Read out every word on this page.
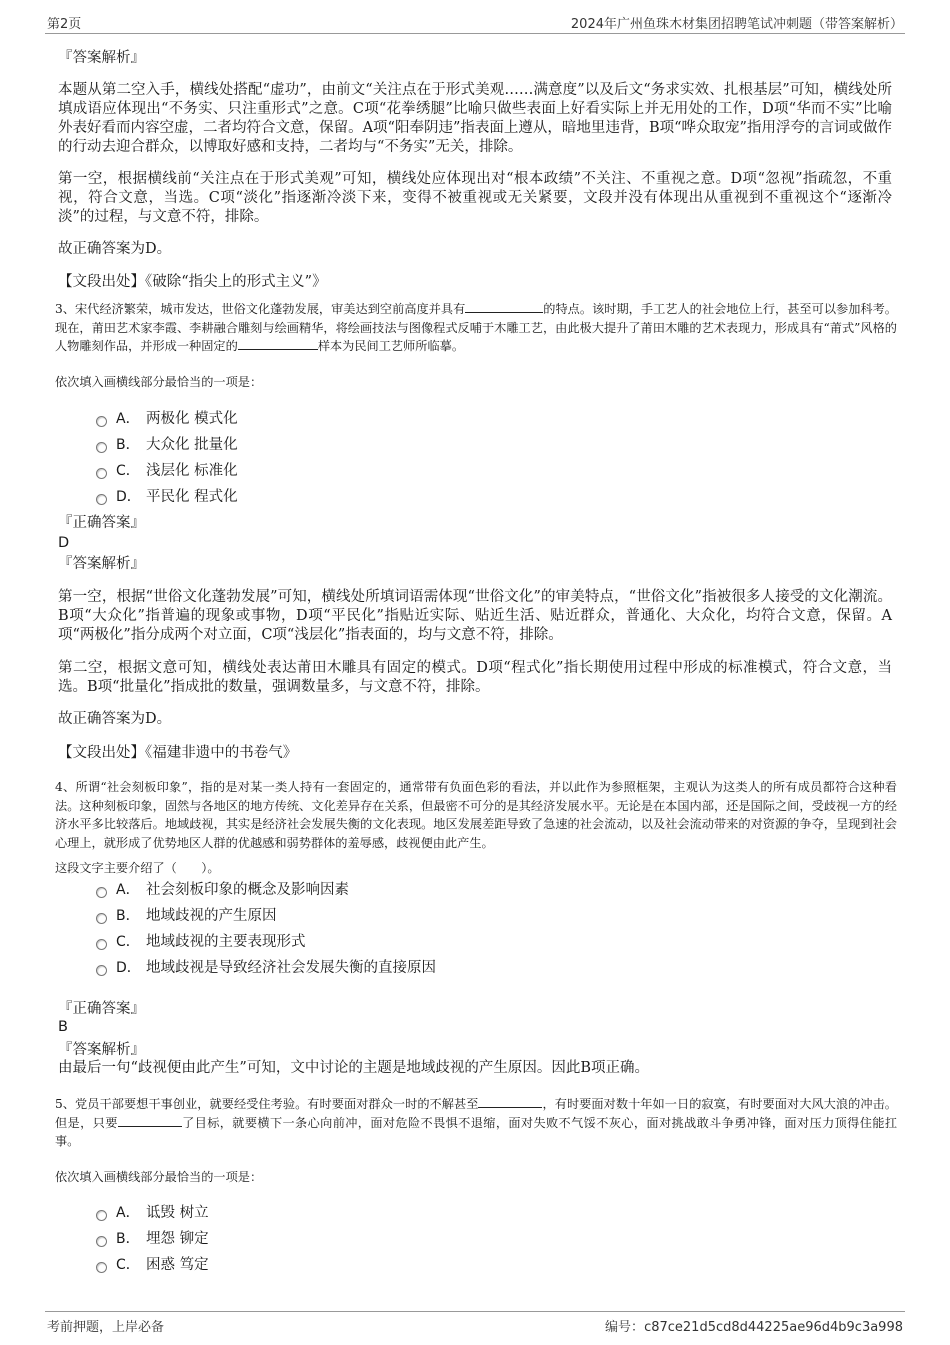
第2页	2024年广州鱼珠木材集团招聘笔试冲刺题（带答案解析）
『答案解析』
本题从第二空入手，横线处搭配“虚功”，由前文“关注点在于形式美观……满意度”以及后文“务求实效、扎根基层”可知，横线处所填成语应体现出“不务实、只注重形式”之意。C项“花拳绣腿”比喻只做些表面上好看实际上并无用处的工作，D项“华而不实”比喻外表好看而内容空虚，二者均符合文意，保留。A项“阳奉阴违”指表面上遵从，暗地里违背，B项“哗众取宠”指用浮夸的言词或做作的行动去迎合群众，以博取好感和支持，二者均与“不务实”无关，排除。
第一空，根据横线前“关注点在于形式美观”可知，横线处应体现出对“根本政绩”不关注、不重视之意。D项“忽视”指疏忽，不重视，符合文意，当选。C项“淡化”指逐渐冷淡下来，变得不被重视或无关紧要，文段并没有体现出从重视到不重视这个“逐渐冷淡”的过程，与文意不符，排除。
故正确答案为D。
【文段出处】《破除“指尖上的形式主义”》
3、宋代经济繁荣，城市发达，世俗文化蓬勃发展，审美达到空前高度并具有	的特点。该时期，手工艺人的社会地位上行，甚至可以参加科考。现在，莆田艺术家李霞、李耕融合雕刻与绘画精华，将绘画技法与图像程式反哺于木雕工艺，由此极大提升了莆田木雕的艺术表现力，形成具有“莆式”风格的人物雕刻作品，并形成一种固定的	样本为民间工艺师所临摹。
依次填入画横线部分最恰当的一项是：
A． 两极化 模式化
B． 大众化 批量化
C． 浅层化 标准化
D． 平民化 程式化
『正确答案』
D
『答案解析』
第一空，根据“世俗文化蓬勃发展”可知，横线处所填词语需体现“世俗文化”的审美特点，“世俗文化”指被很多人接受的文化潮流。B项“大众化”指普遍的现象或事物，D项“平民化”指贴近实际、贴近生活、贴近群众，普通化、大众化，均符合文意，保留。A项“两极化”指分成两个对立面，C项“浅层化”指表面的，均与文意不符，排除。
第二空，根据文意可知，横线处表达莆田木雕具有固定的模式。D项“程式化”指长期使用过程中形成的标准模式，符合文意，当选。B项“批量化”指成批的数量，强调数量多，与文意不符，排除。
故正确答案为D。
【文段出处】《福建非遗中的书卷气》
4、所谓“社会刻板印象”，指的是对某一类人持有一套固定的，通常带有负面色彩的看法，并以此作为参照框架，主观认为这类人的所有成员都符合这种看法。这种刻板印象，固然与各地区的地方传统、文化差异存在关系，但最密不可分的是其经济发展水平。无论是在本国内部，还是国际之间，受歧视一方的经济水平多比较落后。地域歧视，其实是经济社会发展失衡的文化表现。地区发展差距导致了急速的社会流动，以及社会流动带来的对资源的争夺，呈现到社会心理上，就形成了优势地区人群的优越感和弱势群体的羞辱感，歧视便由此产生。
这段文字主要介绍了（　　）。
A． 社会刻板印象的概念及影响因素
B． 地域歧视的产生原因
C． 地域歧视的主要表现形式
D． 地域歧视是导致经济社会发展失衡的直接原因
『正确答案』
B
『答案解析』
由最后一句“歧视便由此产生”可知，文中讨论的主题是地域歧视的产生原因。因此B项正确。
5、党员干部要想干事创业，就要经受住考验。有时要面对群众一时的不解甚至	，有时要面对数十年如一日的寂寞，有时要面对大风大浪的冲击。但是，只要	了目标，就要横下一条心向前冲，面对危险不畏惧不退缩，面对失败不气馁不灰心，面对挑战敢斗争勇冲锋，面对压力顶得住能扛事。
依次填入画横线部分最恰当的一项是：
A． 诋毁 树立
B． 埋怨 铆定
C． 困惑 笃定
考前押题，上岸必备	编号：c87ce21d5cd8d44225ae96d4b9c3a998
